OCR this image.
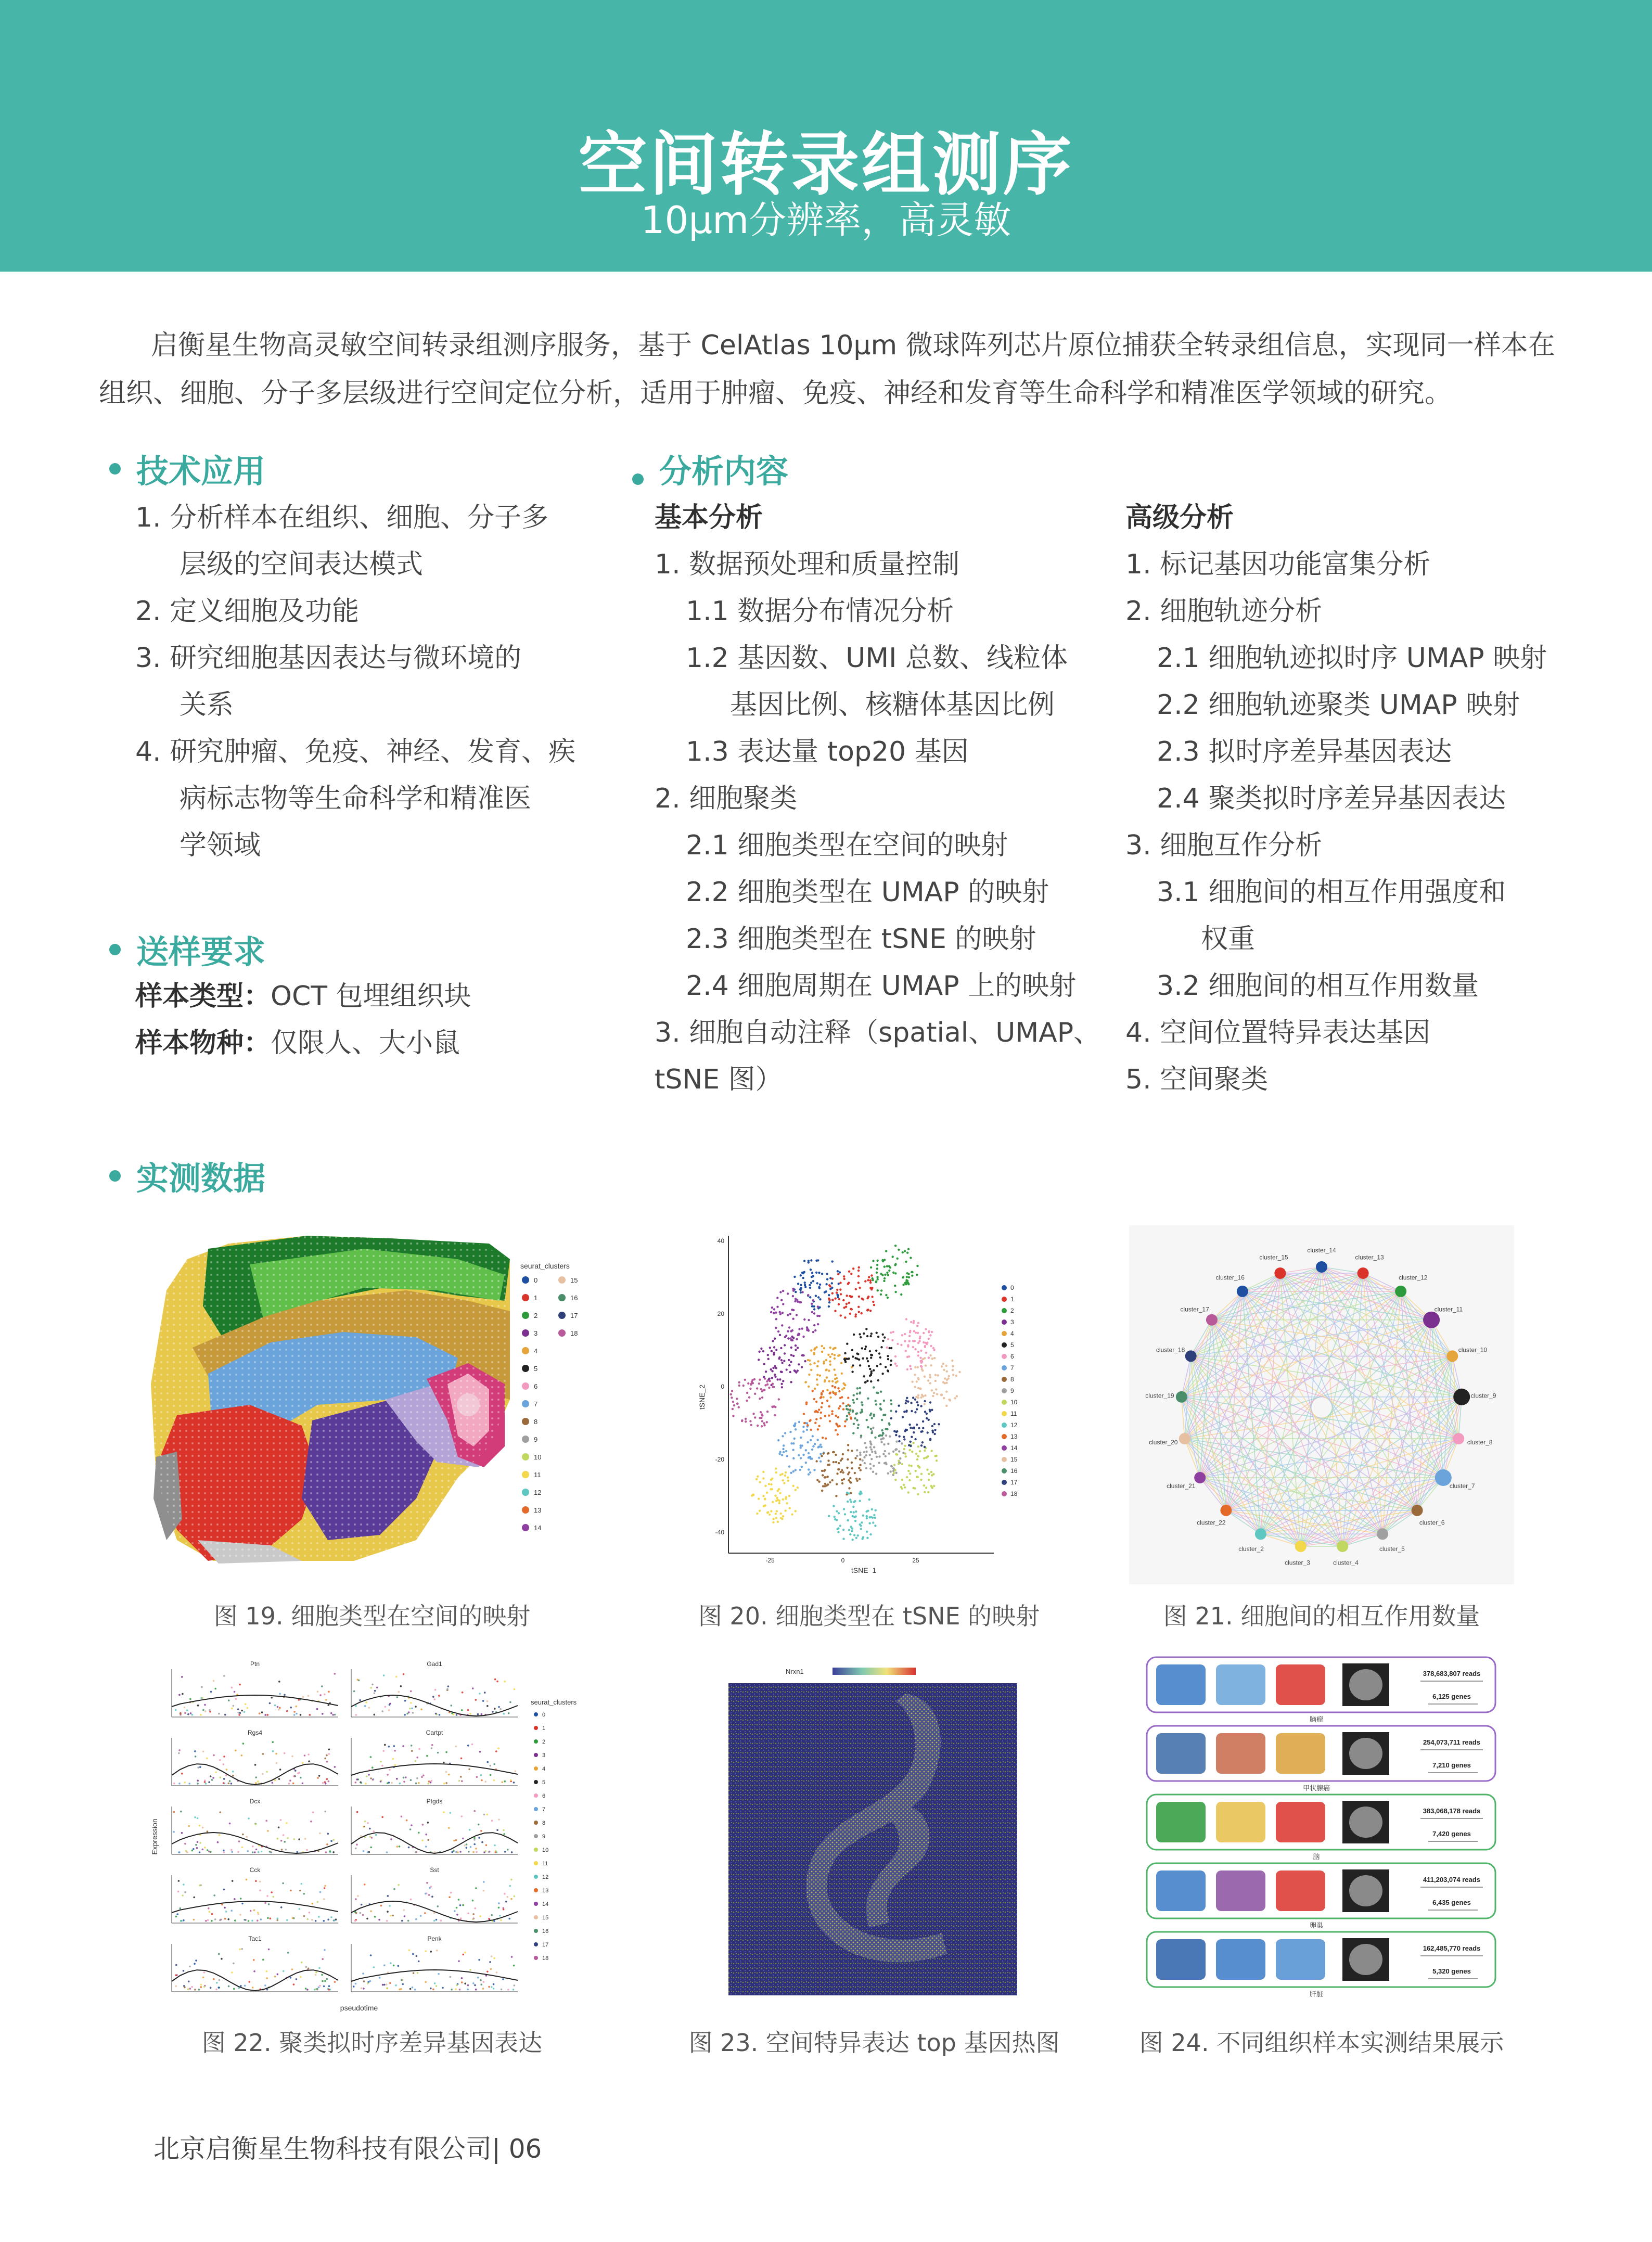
空间转录组测序
10μm分辨率，高灵敏
启衡星生物高灵敏空间转录组测序服务，基于 CelAtlas 10μm 微球阵列芯片原位捕获全转录组信息，实现同一样本在组织、细胞、分子多层级进行空间定位分析，适用于肿瘤、免疫、神经和发育等生命科学和精准医学领域的研究。
技术应用
1. 分析样本在组织、细胞、分子多
层级的空间表达模式
2. 定义细胞及功能
3. 研究细胞基因表达与微环境的
关系
4. 研究肿瘤、免疫、神经、发育、疾
病标志物等生命科学和精准医
学领域
送样要求
样本类型：OCT 包埋组织块
样本物种：仅限人、大小鼠
分析内容
基本分析
1. 数据预处理和质量控制
1.1 数据分布情况分析
1.2 基因数、UMI 总数、线粒体
基因比例、核糖体基因比例
1.3 表达量 top20 基因
2. 细胞聚类
2.1 细胞类型在空间的映射
2.2 细胞类型在 UMAP 的映射
2.3 细胞类型在 tSNE 的映射
2.4 细胞周期在 UMAP 上的映射
3. 细胞自动注释（spatial、UMAP、
tSNE 图）
高级分析
1. 标记基因功能富集分析
2. 细胞轨迹分析
2.1 细胞轨迹拟时序 UMAP 映射
2.2 细胞轨迹聚类 UMAP 映射
2.3 拟时序差异基因表达
2.4 聚类拟时序差异基因表达
3. 细胞互作分析
3.1 细胞间的相互作用强度和
权重
3.2 细胞间的相互作用数量
4. 空间位置特异表达基因
5. 空间聚类
实测数据
seurat_clusters
0
1
2
3
4
5
6
7
8
9
10
11
12
13
14
15
16
17
18
图 19. 细胞类型在空间的映射
40
20
0
-20
-40
-25	0	25
tSNE_1
tSNE_2
0
1
2
3
4
5
6
7
8
9
10
11
12
13
14
15
16
17
18
图 20. 细胞类型在 tSNE 的映射
cluster_14
cluster_13
cluster_12
cluster_11
cluster_10
cluster_9
cluster_8
cluster_7
cluster_6
cluster_5
cluster_4
cluster_3
cluster_2
cluster_22
cluster_21
cluster_20
cluster_19
cluster_18
cluster_17
cluster_16
cluster_15
图 21. 细胞间的相互作用数量
Expression
pseudotime
seurat_clusters
Ptn	Gad1
Rgs4	Cartpt
Dcx	Ptgds
Cck	Sst
Tac1	Penk
0
1
2
3
4
5
6
7
8
9
10
11
12
13
14
15
16
17
18
图 22. 聚类拟时序差异基因表达
Nrxn1
图 23. 空间特异表达 top 基因热图
378,683,807 reads
6,125 genes
脑瘤
254,073,711 reads
7,210 genes
甲状腺癌
383,068,178 reads
7,420 genes
脑
411,203,074 reads
6,435 genes
卵巢
162,485,770 reads
5,320 genes
肝脏
图 24. 不同组织样本实测结果展示
北京启衡星生物科技有限公司| 06
